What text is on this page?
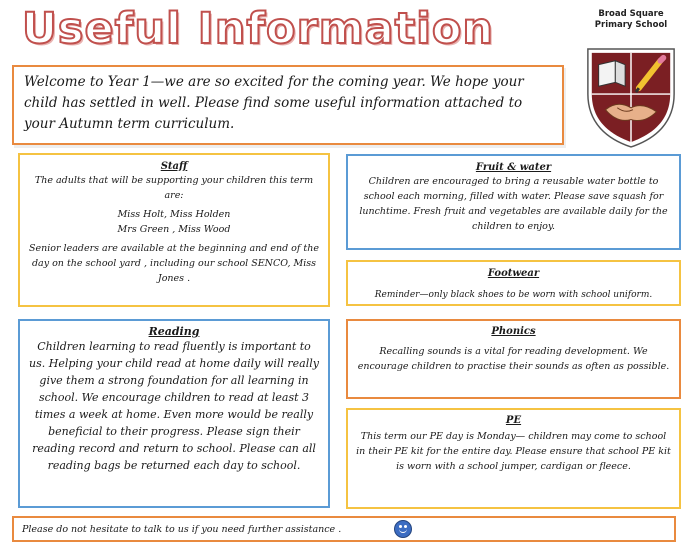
Useful Information	Broad Square Primary School

Welcome to Year 1—we are so excited for the coming year. We hope your child has settled in well. Please find some useful information attached to your Autumn term curriculum.

Staff

The adults that will be supporting your children this term are:

Miss Holt, Miss Holden

Mrs Green , Miss Wood

Senior leaders are available at the beginning and end of the day on the school yard , including our school SENCO, Miss Jones .

Fruit & water

Children are encouraged to bring a reusable water bottle to school each morning, filled with water. Please save squash for lunchtime. Fresh fruit and vegetables are available daily for the children to enjoy.

Footwear

Reminder—only black shoes to be worn with school uniform.

Reading

Children learning to read fluently is important to us. Helping your child read at home daily will really give them a strong foundation for all learning in school. We encourage children to read at least 3 times a week at home. Even more would be really beneficial to their progress. Please sign their reading record and return to school. Please can all reading bags be returned each day to school.

Phonics

Recalling sounds is a vital for reading development. We encourage children to practise their sounds as often as possible.

PE

This term our PE day is Monday— children may come to school in their PE kit for the entire day. Please ensure that school PE kit is worn with a school jumper, cardigan or fleece.

Please do not hesitate to talk to us if you need further assistance .
